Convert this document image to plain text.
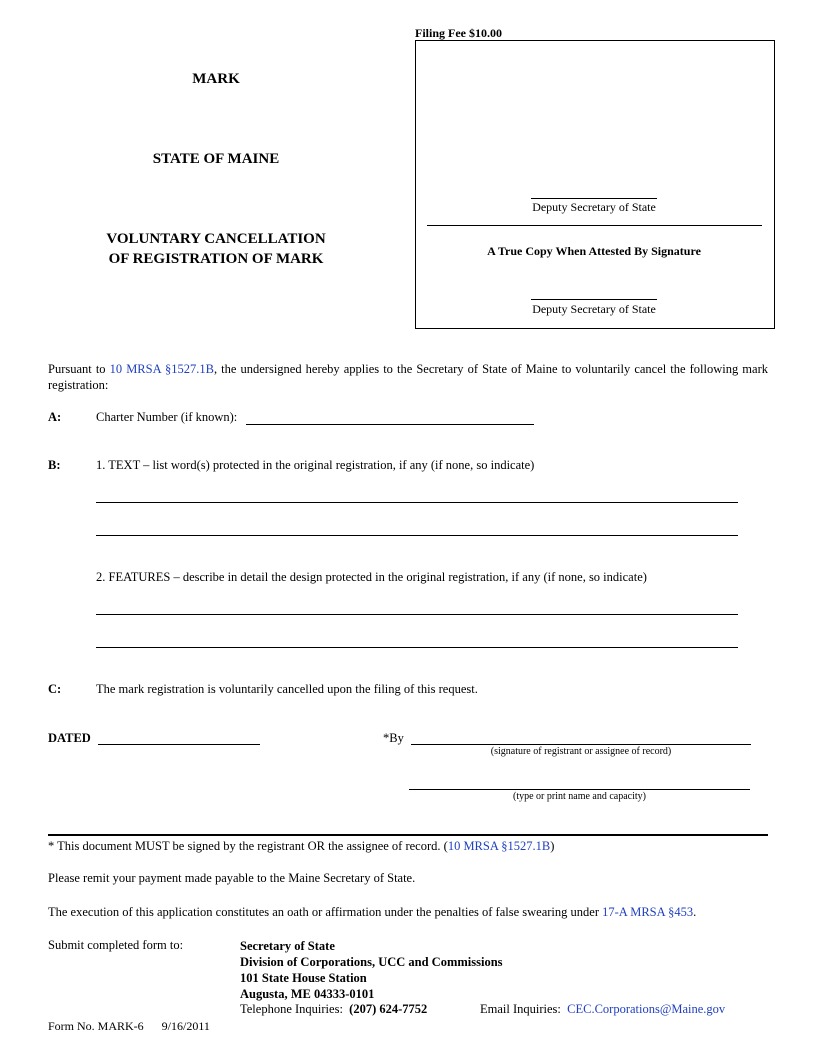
Filing Fee $10.00
MARK
STATE OF MAINE
VOLUNTARY CANCELLATION
OF REGISTRATION OF MARK
Deputy Secretary of State
A True Copy When Attested By Signature
Deputy Secretary of State
Pursuant to 10 MRSA §1527.1B, the undersigned hereby applies to the Secretary of State of Maine to voluntarily cancel the following mark registration:
A:	Charter Number (if known):
B:	1. TEXT – list word(s) protected in the original registration, if any (if none, so indicate)
2. FEATURES – describe in detail the design protected in the original registration, if any (if none, so indicate)
C:	The mark registration is voluntarily cancelled upon the filing of this request.
DATED	*By
(signature of registrant or assignee of record)
(type or print name and capacity)
* This document MUST be signed by the registrant OR the assignee of record. (10 MRSA §1527.1B)
Please remit your payment made payable to the Maine Secretary of State.
The execution of this application constitutes an oath or affirmation under the penalties of false swearing under 17-A MRSA §453.
Submit completed form to:	Secretary of State
Division of Corporations, UCC and Commissions
101 State House Station
Augusta, ME 04333-0101
Telephone Inquiries: (207) 624-7752	Email Inquiries: CEC.Corporations@Maine.gov
Form No. MARK-6 9/16/2011
